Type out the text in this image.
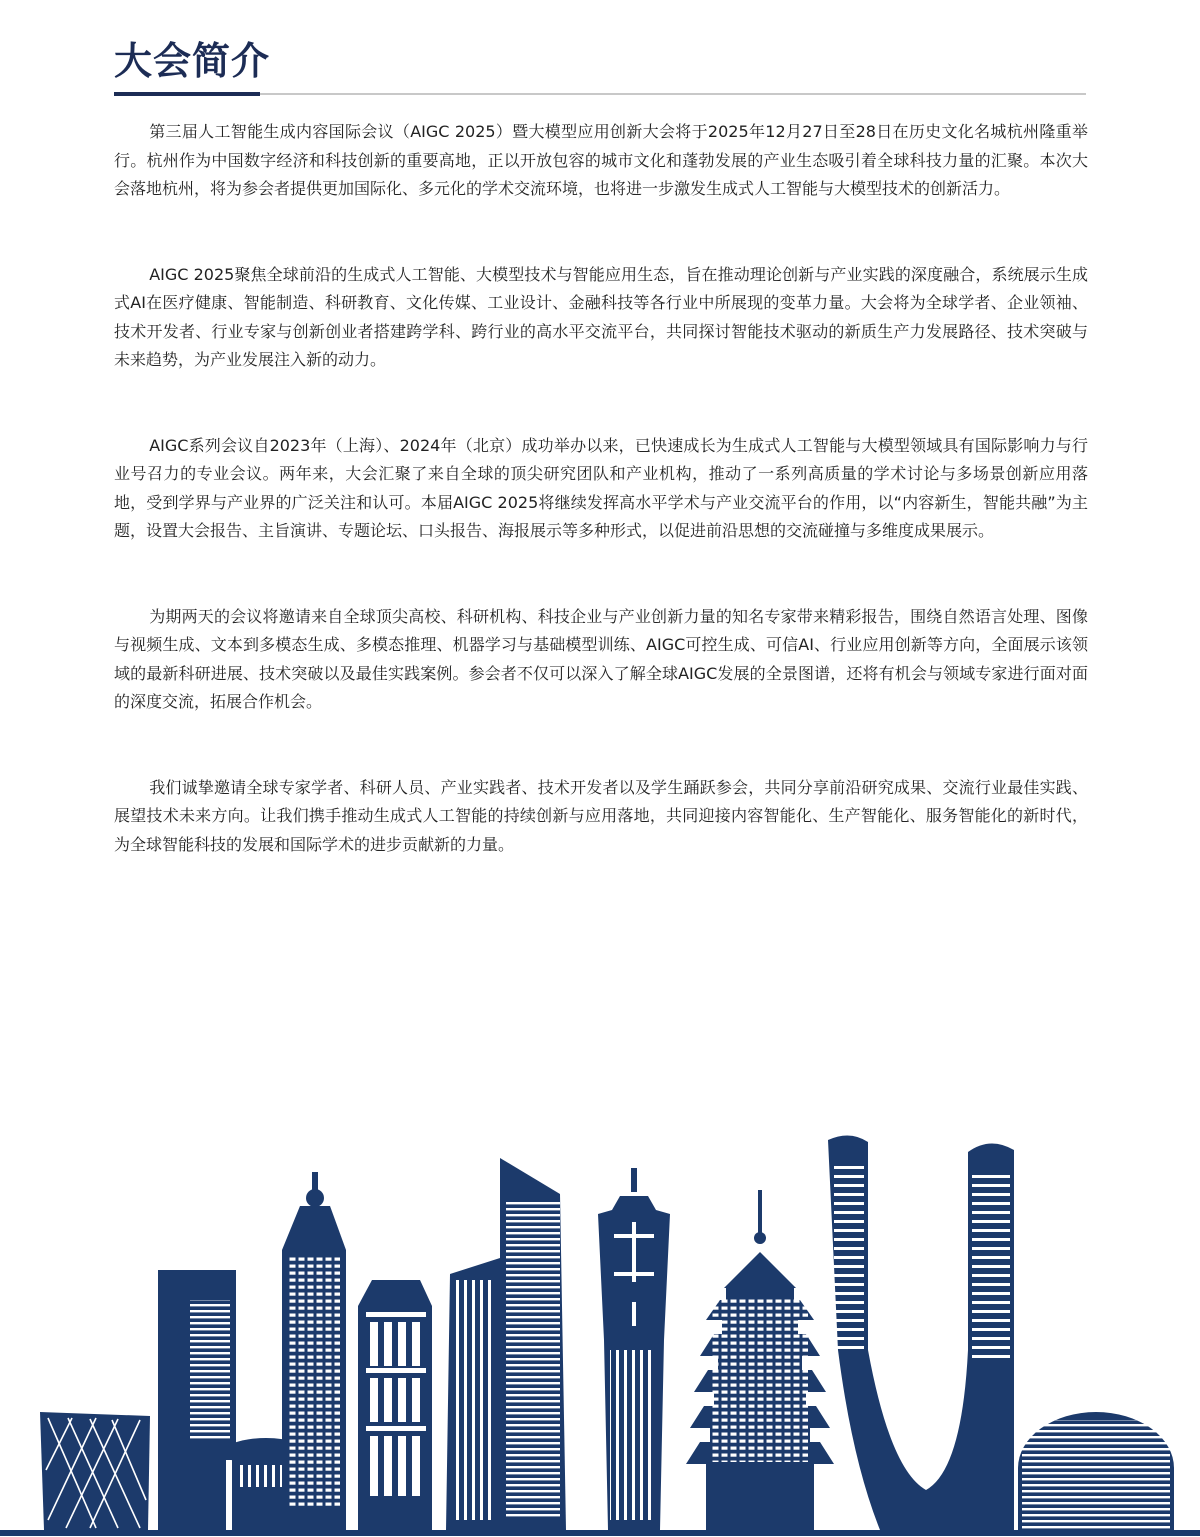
大会简介

第三届人工智能生成内容国际会议（AIGC 2025）暨大模型应用创新大会将于2025年12月27日至28日在历史文化名城杭州隆重举行。杭州作为中国数字经济和科技创新的重要高地，正以开放包容的城市文化和蓬勃发展的产业生态吸引着全球科技力量的汇聚。本次大会落地杭州，将为参会者提供更加国际化、多元化的学术交流环境，也将进一步激发生成式人工智能与大模型技术的创新活力。

AIGC 2025聚焦全球前沿的生成式人工智能、大模型技术与智能应用生态，旨在推动理论创新与产业实践的深度融合，系统展示生成式AI在医疗健康、智能制造、科研教育、文化传媒、工业设计、金融科技等各行业中所展现的变革力量。大会将为全球学者、企业领袖、技术开发者、行业专家与创新创业者搭建跨学科、跨行业的高水平交流平台，共同探讨智能技术驱动的新质生产力发展路径、技术突破与未来趋势，为产业发展注入新的动力。

AIGC系列会议自2023年（上海）、2024年（北京）成功举办以来，已快速成长为生成式人工智能与大模型领域具有国际影响力与行业号召力的专业会议。两年来，大会汇聚了来自全球的顶尖研究团队和产业机构，推动了一系列高质量的学术讨论与多场景创新应用落地，受到学界与产业界的广泛关注和认可。本届AIGC 2025将继续发挥高水平学术与产业交流平台的作用，以“内容新生，智能共融”为主题，设置大会报告、主旨演讲、专题论坛、口头报告、海报展示等多种形式，以促进前沿思想的交流碰撞与多维度成果展示。

为期两天的会议将邀请来自全球顶尖高校、科研机构、科技企业与产业创新力量的知名专家带来精彩报告，围绕自然语言处理、图像与视频生成、文本到多模态生成、多模态推理、机器学习与基础模型训练、AIGC可控生成、可信AI、行业应用创新等方向，全面展示该领域的最新科研进展、技术突破以及最佳实践案例。参会者不仅可以深入了解全球AIGC发展的全景图谱，还将有机会与领域专家进行面对面的深度交流，拓展合作机会。

我们诚挚邀请全球专家学者、科研人员、产业实践者、技术开发者以及学生踊跃参会，共同分享前沿研究成果、交流行业最佳实践、展望技术未来方向。让我们携手推动生成式人工智能的持续创新与应用落地，共同迎接内容智能化、生产智能化、服务智能化的新时代，为全球智能科技的发展和国际学术的进步贡献新的力量。
